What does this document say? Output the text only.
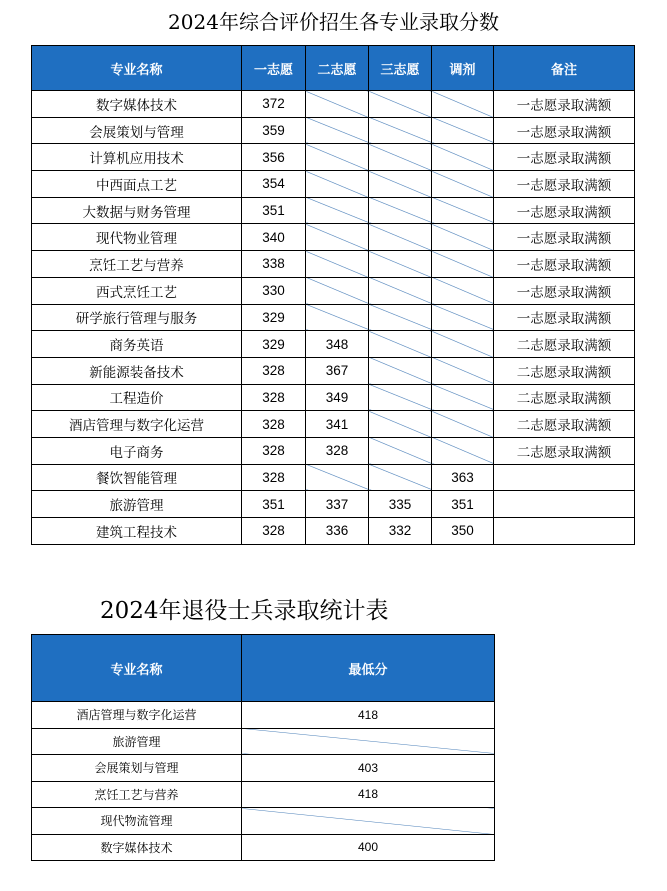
2024年综合评价招生各专业录取分数
专业名称	一志愿	二志愿	三志愿	调剂	备注
数字媒体技术	372				一志愿录取满额
会展策划与管理	359				一志愿录取满额
计算机应用技术	356				一志愿录取满额
中西面点工艺	354				一志愿录取满额
大数据与财务管理	351				一志愿录取满额
现代物业管理	340				一志愿录取满额
烹饪工艺与营养	338				一志愿录取满额
西式烹饪工艺	330				一志愿录取满额
研学旅行管理与服务	329				一志愿录取满额
商务英语	329	348			二志愿录取满额
新能源装备技术	328	367			二志愿录取满额
工程造价	328	349			二志愿录取满额
酒店管理与数字化运营	328	341			二志愿录取满额
电子商务	328	328			二志愿录取满额
餐饮智能管理	328			363	
旅游管理	351	337	335	351	
建筑工程技术	328	336	332	350	
2024年退役士兵录取统计表
专业名称	最低分
酒店管理与数字化运营	418
旅游管理	
会展策划与管理	403
烹饪工艺与营养	418
现代物流管理	
数字媒体技术	400
